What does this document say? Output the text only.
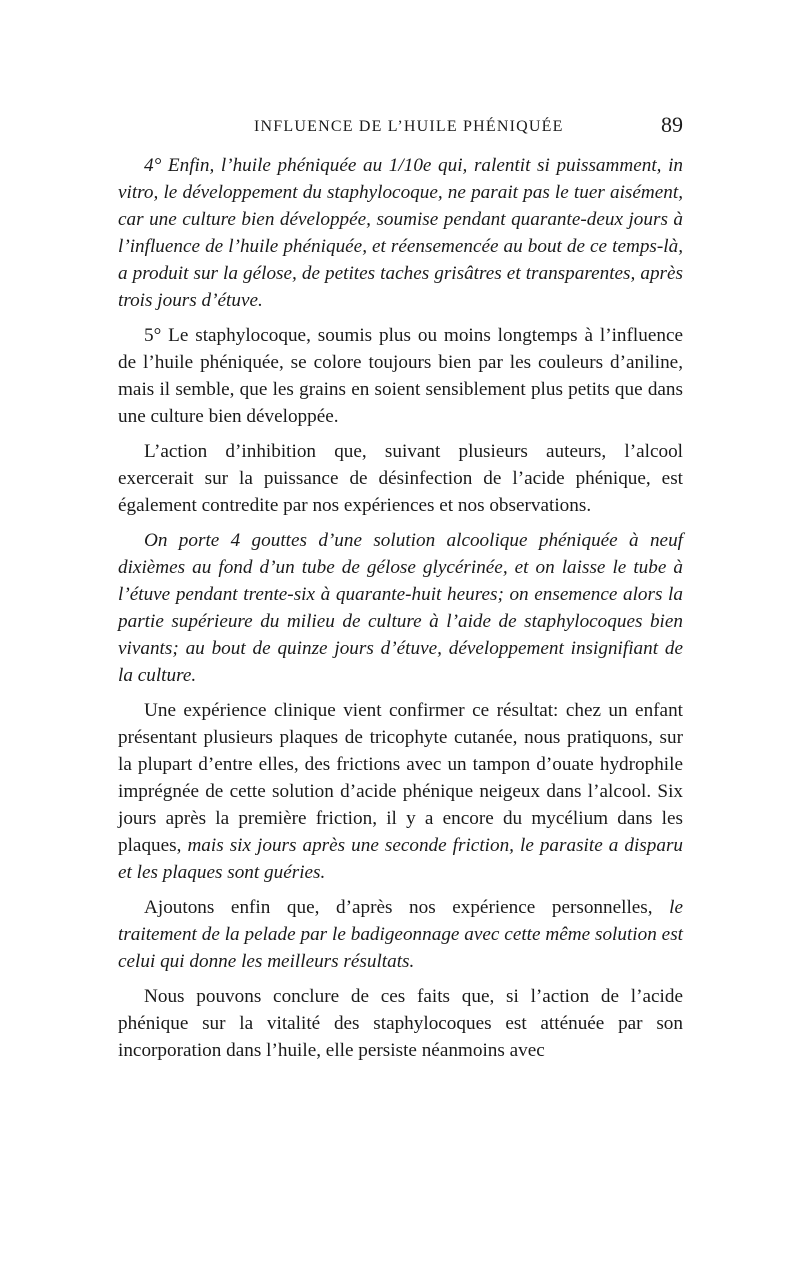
INFLUENCE DE L’HUILE PHÉNIQUÉE	89

4° Enfin, l’huile phéniquée au 1/10e qui, ralentit si puissamment, in vitro, le développement du staphylocoque, ne parait pas le tuer aisément, car une culture bien développée, soumise pendant quarante-deux jours à l’influence de l’huile phéniquée, et réensemencée au bout de ce temps-là, a produit sur la gélose, de petites taches grisâtres et transparentes, après trois jours d’étuve.

5° Le staphylocoque, soumis plus ou moins longtemps à l’influence de l’huile phéniquée, se colore toujours bien par les couleurs d’aniline, mais il semble, que les grains en soient sensiblement plus petits que dans une culture bien développée.

L’action d’inhibition que, suivant plusieurs auteurs, l’alcool exercerait sur la puissance de désinfection de l’acide phénique, est également contredite par nos expériences et nos observations.

On porte 4 gouttes d’une solution alcoolique phéniquée à neuf dixièmes au fond d’un tube de gélose glycérinée, et on laisse le tube à l’étuve pendant trente-six à quarante-huit heures; on ensemence alors la partie supérieure du milieu de culture à l’aide de staphylocoques bien vivants; au bout de quinze jours d’étuve, développement insignifiant de la culture.

Une expérience clinique vient confirmer ce résultat: chez un enfant présentant plusieurs plaques de tricophyte cutanée, nous pratiquons, sur la plupart d’entre elles, des frictions avec un tampon d’ouate hydrophile imprégnée de cette solution d’acide phénique neigeux dans l’alcool. Six jours après la première friction, il y a encore du mycélium dans les plaques, mais six jours après une seconde friction, le parasite a disparu et les plaques sont guéries.

Ajoutons enfin que, d’après nos expérience personnelles, le traitement de la pelade par le badigeonnage avec cette même solution est celui qui donne les meilleurs résultats.

Nous pouvons conclure de ces faits que, si l’action de l’acide phénique sur la vitalité des staphylocoques est atténuée par son incorporation dans l’huile, elle persiste néanmoins avec
